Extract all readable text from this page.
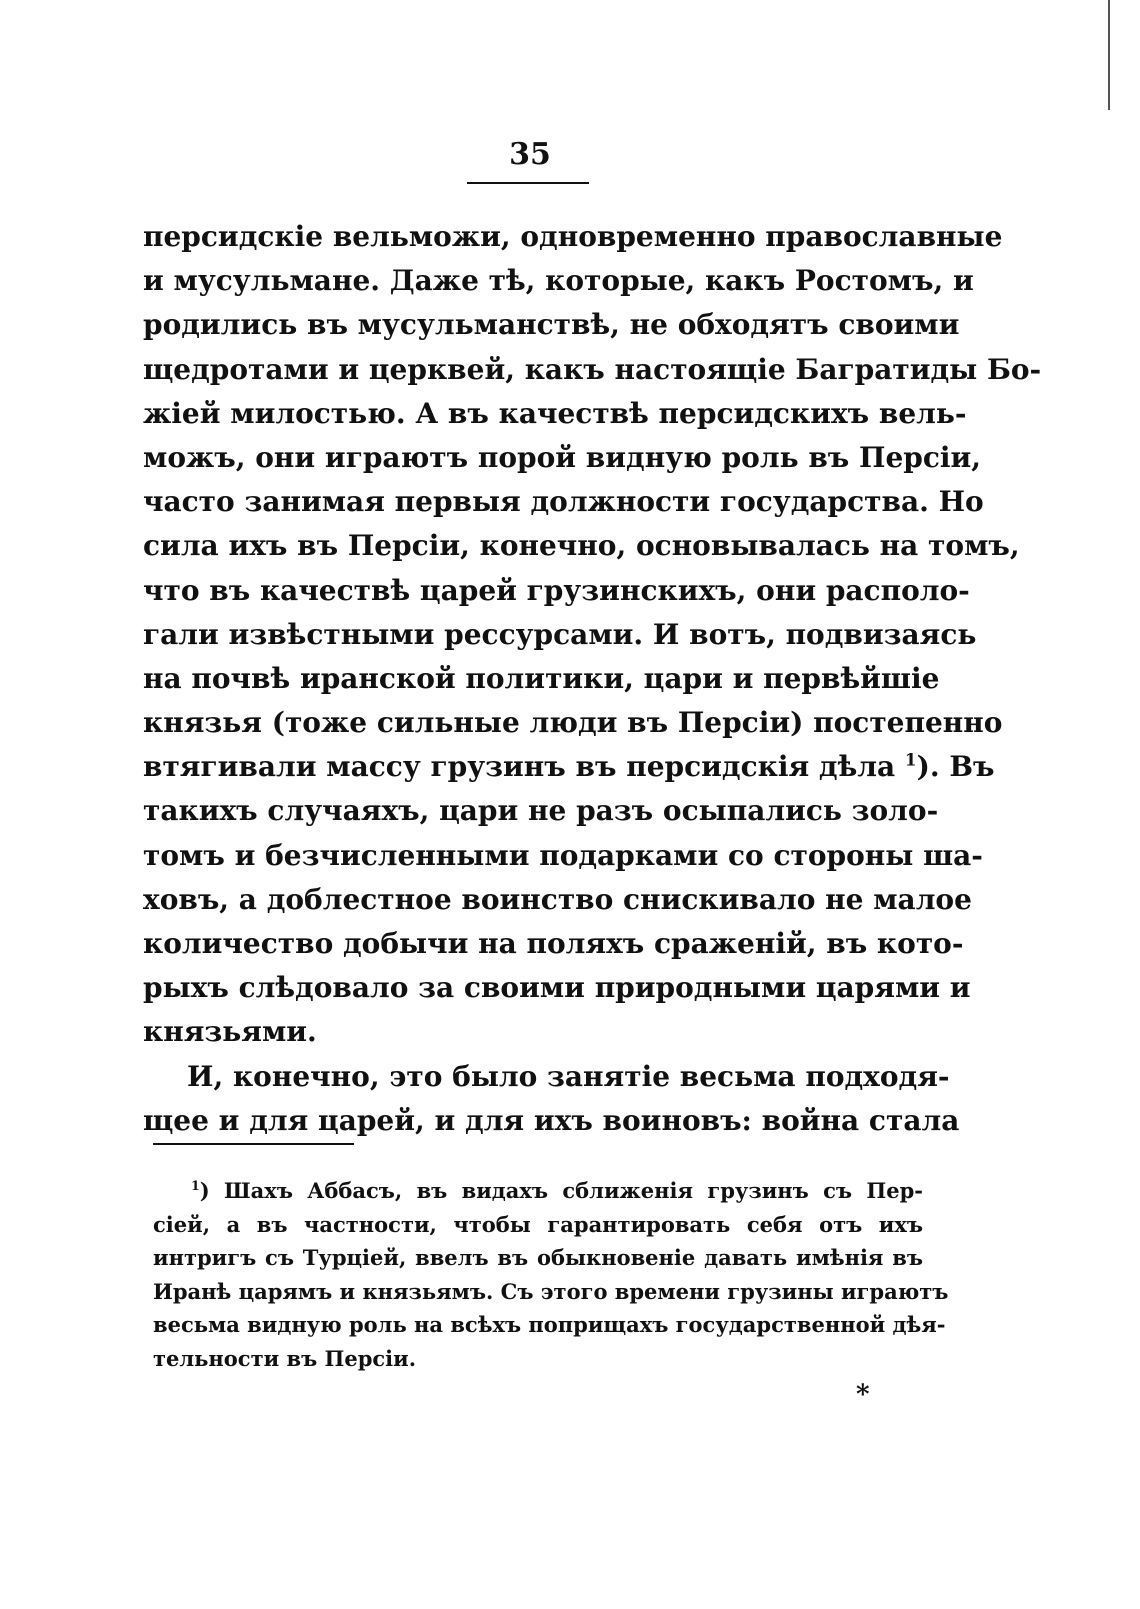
35
персидскіе вельможи, одновременно православные
и мусульмане. Даже тѣ, которые, какъ Ростомъ, и
родились въ мусульманствѣ, не обходятъ своими
щедротами и церквей, какъ настоящіе Багратиды Бо-
жіей милостью. А въ качествѣ персидскихъ вель-
можъ, они играютъ порой видную роль въ Персіи,
часто занимая первыя должности государства. Но
сила ихъ въ Персіи, конечно, основывалась на томъ,
что въ качествѣ царей грузинскихъ, они располо-
гали извѣстными рессурсами. И вотъ, подвизаясь
на почвѣ иранской политики, цари и первѣйшіе
князья (тоже сильные люди въ Персіи) постепенно
втягивали массу грузинъ въ персидскія дѣла $^1$). Въ
такихъ случаяхъ, цари не разъ осыпались золо-
томъ и безчисленными подарками со стороны ша-
ховъ, а доблестное воинство снискивало не малое
количество добычи на поляхъ сраженій, въ кото-
рыхъ слѣдовало за своими природными царями и
князьями.
И, конечно, это было занятіе весьма подходя-
щее и для царей, и для ихъ воиновъ: война стала
$^1$) Шахъ Аббасъ, въ видахъ сближенія грузинъ съ Пер-
сіей, а въ частности, чтобы гарантировать себя отъ ихъ
интригъ съ Турціей, ввелъ въ обыкновеніе давать имѣнія въ
Иранѣ царямъ и князьямъ. Съ этого времени грузины играютъ
весьма видную роль на всѣхъ поприщахъ государственной дѣя-
тельности въ Персіи.
*
